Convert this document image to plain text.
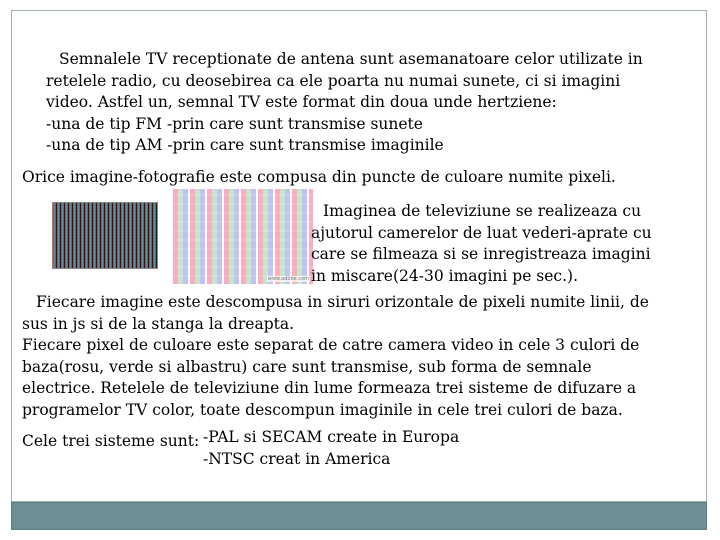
Semnalele TV receptionate de antena sunt asemanatoare celor utilizate in
retelele radio, cu deosebirea ca ele poarta nu numai sunete, ci si imagini
video. Astfel un, semnal TV este format din doua unde hertziene:
-una de tip FM -prin care sunt transmise sunete
-una de tip AM -prin care sunt transmise imaginile

Orice imagine-fotografie este compusa din puncte de culoare numite pixeli.

www.adobe.com
Imaginea de televiziune se realizeaza cu
ajutorul camerelor de luat vederi-aprate cu
care se filmeaza si se inregistreaza imagini
in miscare(24-30 imagini pe sec.).
Fiecare imagine este descompusa in siruri orizontale de pixeli numite linii, de
sus in js si de la stanga la dreapta.
Fiecare pixel de culoare este separat de catre camera video in cele 3 culori de
baza(rosu, verde si albastru) care sunt transmise, sub forma de semnale
electrice. Retelele de televiziune din lume formeaza trei sisteme de difuzare a
programelor TV color, toate descompun imaginile in cele trei culori de baza.

Cele trei sisteme sunt: -PAL si SECAM create in Europa
-NTSC creat in America
